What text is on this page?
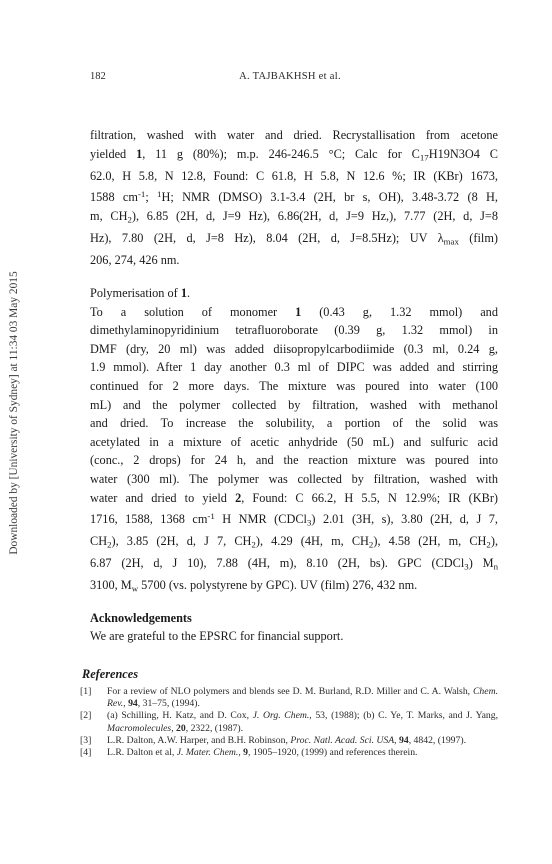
Downloaded by [University of Sydney] at 11:34 03 May 2015
182	A. TAJBAKHSH et al.

filtration, washed with water and dried. Recrystallisation from acetone

yielded 1, 11 g (80%); m.p. 246-246.5 °C; Calc for $C_{17}H19N3O4$ C

62.0, H 5.8, N 12.8, Found: C 61.8, H 5.8, N 12.6 %; IR (KBr) 1673,

1588 $cm^{-1}$; $^1$H; NMR (DMSO) 3.1-3.4 (2H, br s, OH), 3.48-3.72 (8 H,

m, $CH_2$), 6.85 (2H, d, J=9 Hz), 6.86(2H, d, J=9 Hz,), 7.77 (2H, d, J=8

Hz), 7.80 (2H, d, J=8 Hz), 8.04 (2H, d, J=8.5Hz); UV $\lambda_{max}$ (film)

206, 274, 426 nm.

Polymerisation of 1.

To a solution of monomer 1 (0.43 g, 1.32 mmol) and

dimethylaminopyridinium tetrafluoroborate (0.39 g, 1.32 mmol) in

DMF (dry, 20 ml) was added diisopropylcarbodiimide (0.3 ml, 0.24 g,

1.9 mmol). After 1 day another 0.3 ml of DIPC was added and stirring

continued for 2 more days. The mixture was poured into water (100

mL) and the polymer collected by filtration, washed with methanol

and dried. To increase the solubility, a portion of the solid was

acetylated in a mixture of acetic anhydride (50 mL) and sulfuric acid

(conc., 2 drops) for 24 h, and the reaction mixture was poured into

water (300 ml). The polymer was collected by filtration, washed with

water and dried to yield 2, Found: C 66.2, H 5.5, N 12.9%; IR (KBr)

1716, 1588, 1368 $cm^{-1}$ H NMR (CDCl$_3$) 2.01 (3H, s), 3.80 (2H, d, J 7,

$CH_2$), 3.85 (2H, d, J 7, $CH_2$), 4.29 (4H, m, $CH_2$), 4.58 (2H, m, $CH_2$),

6.87 (2H, d, J 10), 7.88 (4H, m), 8.10 (2H, bs). GPC (CDCl$_3$) $M_n$

3100, $M_w$ 5700 (vs. polystyrene by GPC). UV (film) 276, 432 nm.

Acknowledgements
We are grateful to the EPSRC for financial support.
References
[1] For a review of NLO polymers and blends see D. M. Burland, R.D. Miller and C. A. Walsh, Chem. Rev., 94, 31–75, (1994).

[2] (a) Schilling, H. Katz, and D. Cox, J. Org. Chem., 53, (1988); (b) C. Ye, T. Marks, and J. Yang, Macromolecules, 20, 2322, (1987).

[3] L.R. Dalton, A.W. Harper, and B.H. Robinson, Proc. Natl. Acad. Sci. USA, 94, 4842, (1997).

[4] L.R. Dalton et al, J. Mater. Chem., 9, 1905–1920, (1999) and references therein.
